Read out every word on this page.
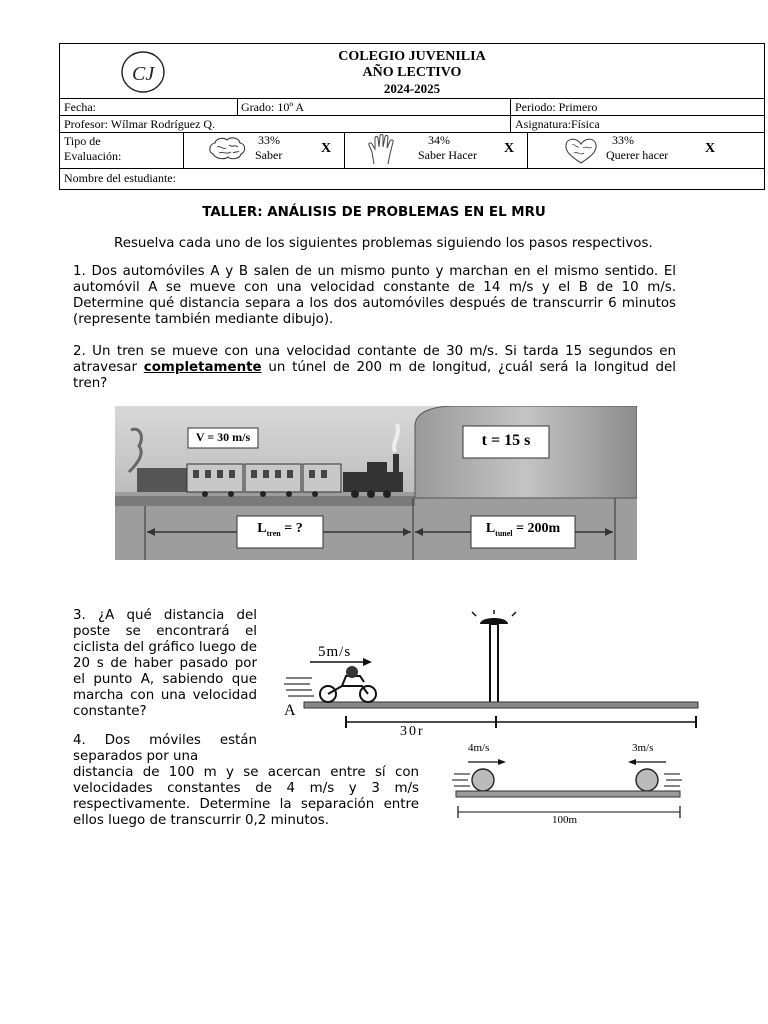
CJ
COLEGIO JUVENILIA
AÑO LECTIVO
2024-2025
Fecha:	Grado: 10º A	Periodo: Primero
Profesor: Wílmar Rodríguez Q.	Asignatura:Física
Tipo de
Evaluación:
33%
Saber	X
34%
Saber Hacer X
33%
Querer hacer	X
Nombre del estudiante:
TALLER: ANÁLISIS DE PROBLEMAS EN EL MRU
Resuelva cada uno de los siguientes problemas siguiendo los pasos respectivos.
1. Dos automóviles A y B salen de un mismo punto y marchan en el mismo sentido. El automóvil A se mueve con una velocidad constante de 14 m/s y el B de 10 m/s. Determine qué distancia separa a los dos automóviles después de transcurrir 6 minutos (represente también mediante dibujo).
2. Un tren se mueve con una velocidad contante de 30 m/s. Si tarda 15 segundos en atravesar completamente un túnel de 200 m de longitud, ¿cuál será la longitud del tren?
V = 30 m/s	t = 15 s
$L_{tren}$ = ?	$L_{tunel} = 200m$
3. ¿A qué distancia del poste se encontrará el ciclista del gráfico luego de 20 s de haber pasado por el punto A, sabiendo que marcha con una velocidad constante?
5m/s
A
30r
4. Dos móviles están separados por una
distancia de 100 m y se acercan entre sí con velocidades constantes de 4 m/s y 3 m/s respectivamente. Determine la separación entre ellos luego de transcurrir 0,2 minutos.
4m/s	3m/s
100m
